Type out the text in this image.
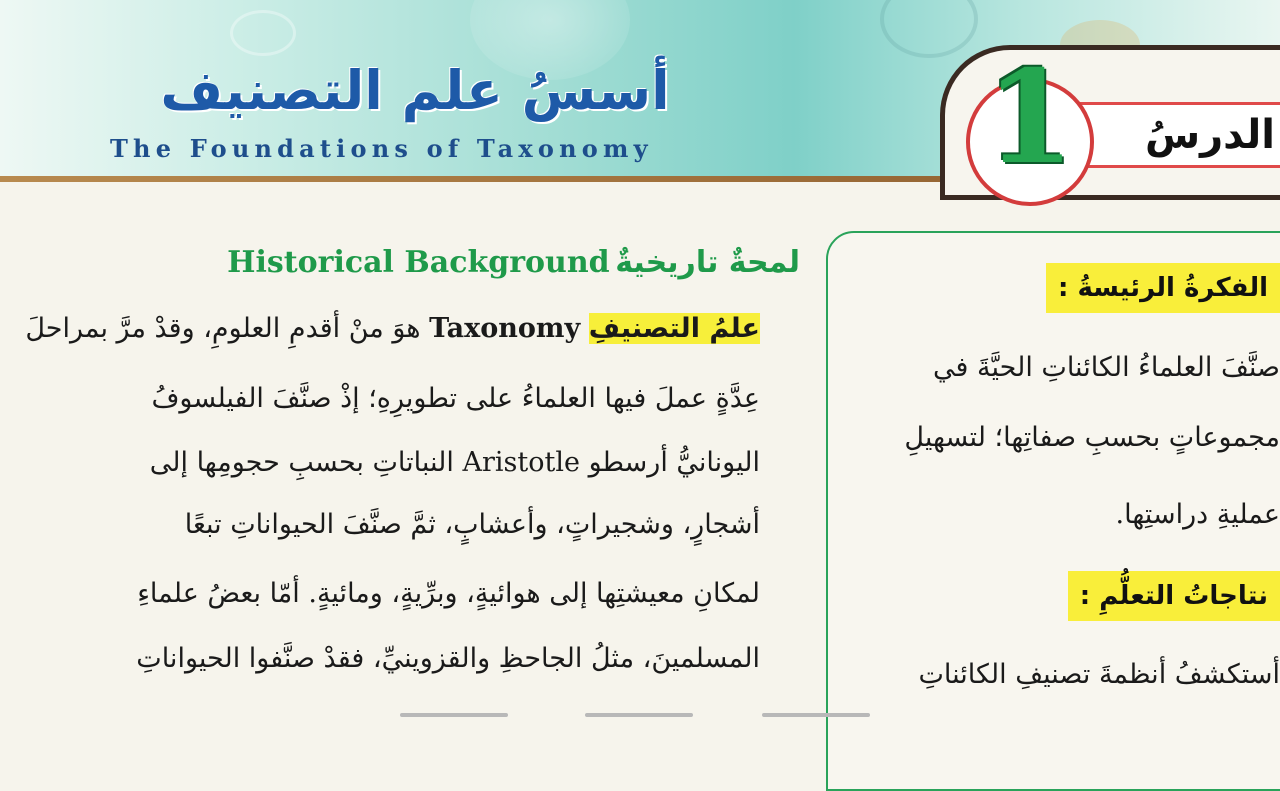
أسسُ علم التصنيف
The Foundations of Taxonomy	الدرسُ
1
لمحةٌ تاريخيةٌ Historical Background
علمُ التصنيفِ Taxonomy هوَ منْ أقدمِ العلومِ، وقدْ مرَّ بمراحلَ
عِدَّةٍ عملَ فيها العلماءُ على تطويرِهِ؛ إذْ صنَّفَ الفيلسوفُ
اليونانيُّ أرسطو Aristotle النباتاتِ بحسبِ حجومِها إلى
أشجارٍ، وشجيراتٍ، وأعشابٍ، ثمَّ صنَّفَ الحيواناتِ تبعًا
لمكانِ معيشتِها إلى هوائيةٍ، وبرِّيةٍ، ومائيةٍ. أمّا بعضُ علماءِ
المسلمينَ، مثلُ الجاحظِ والقزوينيِّ، فقدْ صنَّفوا الحيواناتِ
الفكرةُ الرئيسةُ :
صنَّفَ العلماءُ الكائناتِ الحيَّةَ في
مجموعاتٍ بحسبِ صفاتِها؛ لتسهيلِ
عمليةِ دراستِها.
نتاجاتُ التعلُّمِ :
أستكشفُ أنظمةَ تصنيفِ الكائناتِ
